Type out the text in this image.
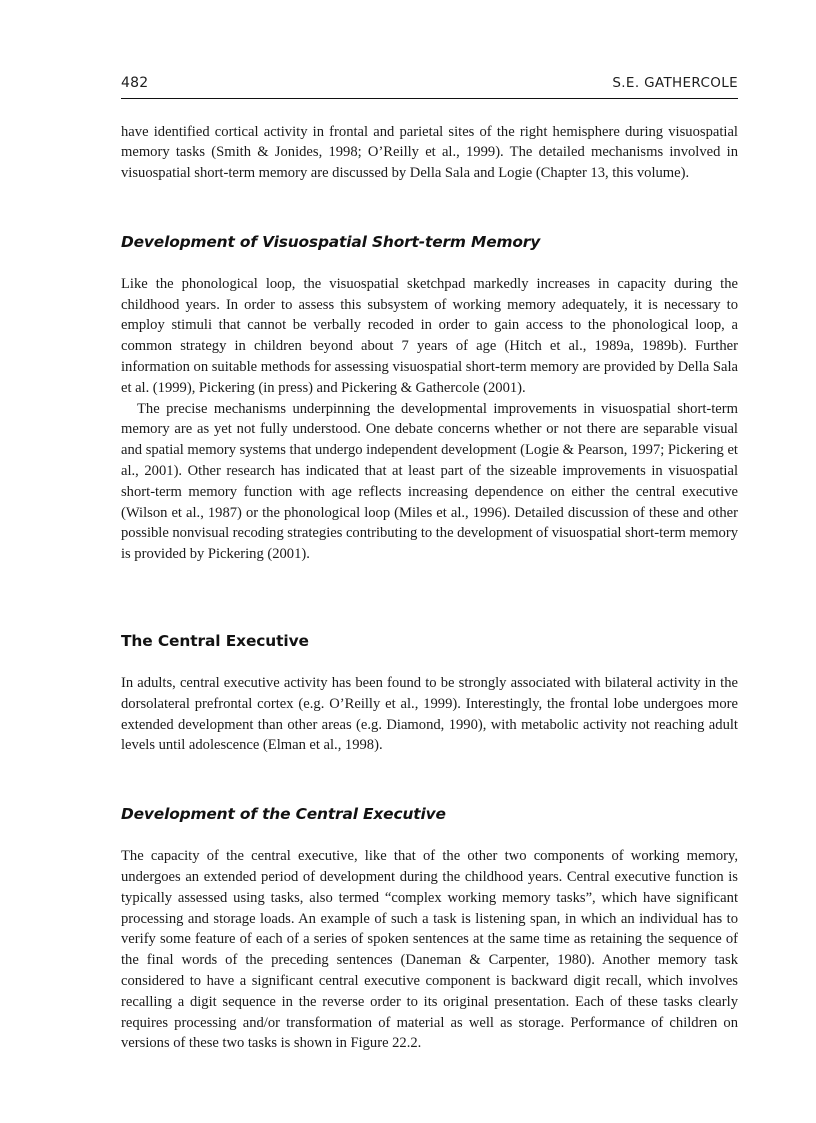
482	S.E. GATHERCOLE

have identified cortical activity in frontal and parietal sites of the right hemisphere during visuospatial memory tasks (Smith & Jonides, 1998; O’Reilly et al., 1999). The detailed mechanisms involved in visuospatial short-term memory are discussed by Della Sala and Logie (Chapter 13, this volume).

Development of Visuospatial Short-term Memory

Like the phonological loop, the visuospatial sketchpad markedly increases in capacity during the childhood years. In order to assess this subsystem of working memory adequately, it is necessary to employ stimuli that cannot be verbally recoded in order to gain access to the phonological loop, a common strategy in children beyond about 7 years of age (Hitch et al., 1989a, 1989b). Further information on suitable methods for assessing visuospatial short-term memory are provided by Della Sala et al. (1999), Pickering (in press) and Pickering & Gathercole (2001).

The precise mechanisms underpinning the developmental improvements in visuospatial short-term memory are as yet not fully understood. One debate concerns whether or not there are separable visual and spatial memory systems that undergo independent development (Logie & Pearson, 1997; Pickering et al., 2001). Other research has indicated that at least part of the sizeable improvements in visuospatial short-term memory function with age reflects increasing dependence on either the central executive (Wilson et al., 1987) or the phonological loop (Miles et al., 1996). Detailed discussion of these and other possible nonvisual recoding strategies contributing to the development of visuospatial short-term memory is provided by Pickering (2001).

The Central Executive

In adults, central executive activity has been found to be strongly associated with bilateral activity in the dorsolateral prefrontal cortex (e.g. O’Reilly et al., 1999). Interestingly, the frontal lobe undergoes more extended development than other areas (e.g. Diamond, 1990), with metabolic activity not reaching adult levels until adolescence (Elman et al., 1998).

Development of the Central Executive

The capacity of the central executive, like that of the other two components of working memory, undergoes an extended period of development during the childhood years. Central executive function is typically assessed using tasks, also termed “complex working memory tasks”, which have significant processing and storage loads. An example of such a task is listening span, in which an individual has to verify some feature of each of a series of spoken sentences at the same time as retaining the sequence of the final words of the preceding sentences (Daneman & Carpenter, 1980). Another memory task considered to have a significant central executive component is backward digit recall, which involves recalling a digit sequence in the reverse order to its original presentation. Each of these tasks clearly requires processing and/or transformation of material as well as storage. Performance of children on versions of these two tasks is shown in Figure 22.2.
